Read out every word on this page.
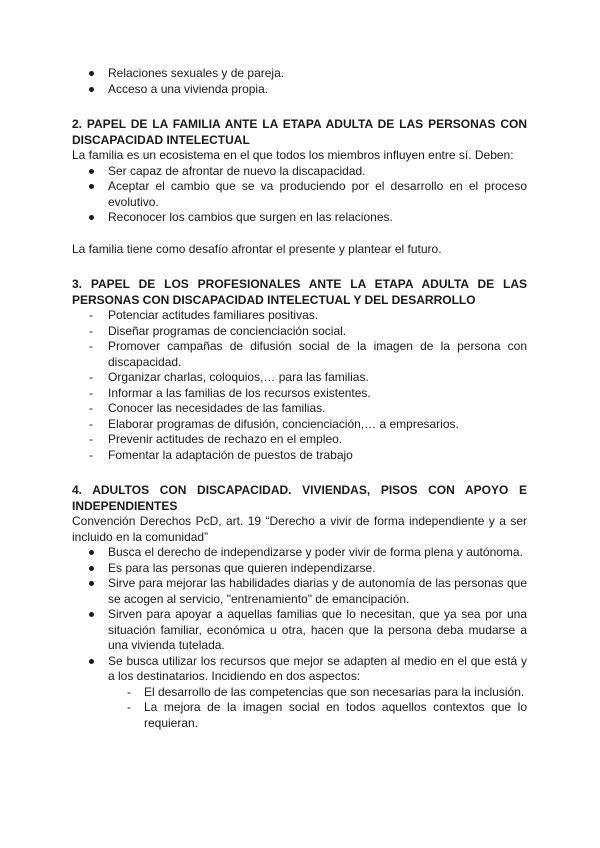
Relaciones sexuales y de pareja.
Acceso a una vivienda propia.
2. PAPEL DE LA FAMILIA ANTE LA ETAPA ADULTA DE LAS PERSONAS CON DISCAPACIDAD INTELECTUAL

La familia es un ecosistema en el que todos los miembros influyen entre sí. Deben:

Ser capaz de afrontar de nuevo la discapacidad.
Aceptar el cambio que se va produciendo por el desarrollo en el proceso evolutivo.
Reconocer los cambios que surgen en las relaciones.

La familia tiene como desafío afrontar el presente y plantear el futuro.

3. PAPEL DE LOS PROFESIONALES ANTE LA ETAPA ADULTA DE LAS PERSONAS CON DISCAPACIDAD INTELECTUAL Y DEL DESARROLLO
- Potenciar actitudes familiares positivas.
- Diseñar programas de concienciación social.
- Promover campañas de difusión social de la imagen de la persona con discapacidad.
- Organizar charlas, coloquios,… para las familias.
- Informar a las familias de los recursos existentes.
- Conocer las necesidades de las familias.
- Elaborar programas de difusión, concienciación,… a empresarios.
- Prevenir actitudes de rechazo en el empleo.
- Fomentar la adaptación de puestos de trabajo
4. ADULTOS CON DISCAPACIDAD. VIVIENDAS, PISOS CON APOYO E INDEPENDIENTES

Convención Derechos PcD, art. 19 “Derecho a vivir de forma independiente y a ser incluido en la comunidad”

Busca el derecho de independizarse y poder vivir de forma plena y autónoma.
Es para las personas que quieren independizarse.
Sirve para mejorar las habilidades diarias y de autonomía de las personas que se acogen al servicio, "entrenamiento" de emancipación.
Sirven para apoyar a aquellas familias que lo necesitan, que ya sea por una situación familiar, económica u otra, hacen que la persona deba mudarse a una vivienda tutelada.
Se busca utilizar los recursos que mejor se adapten al medio en el que está y a los destinatarios. Incidiendo en dos aspectos:
- El desarrollo de las competencias que son necesarias para la inclusión.
- La mejora de la imagen social en todos aquellos contextos que lo requieran.
